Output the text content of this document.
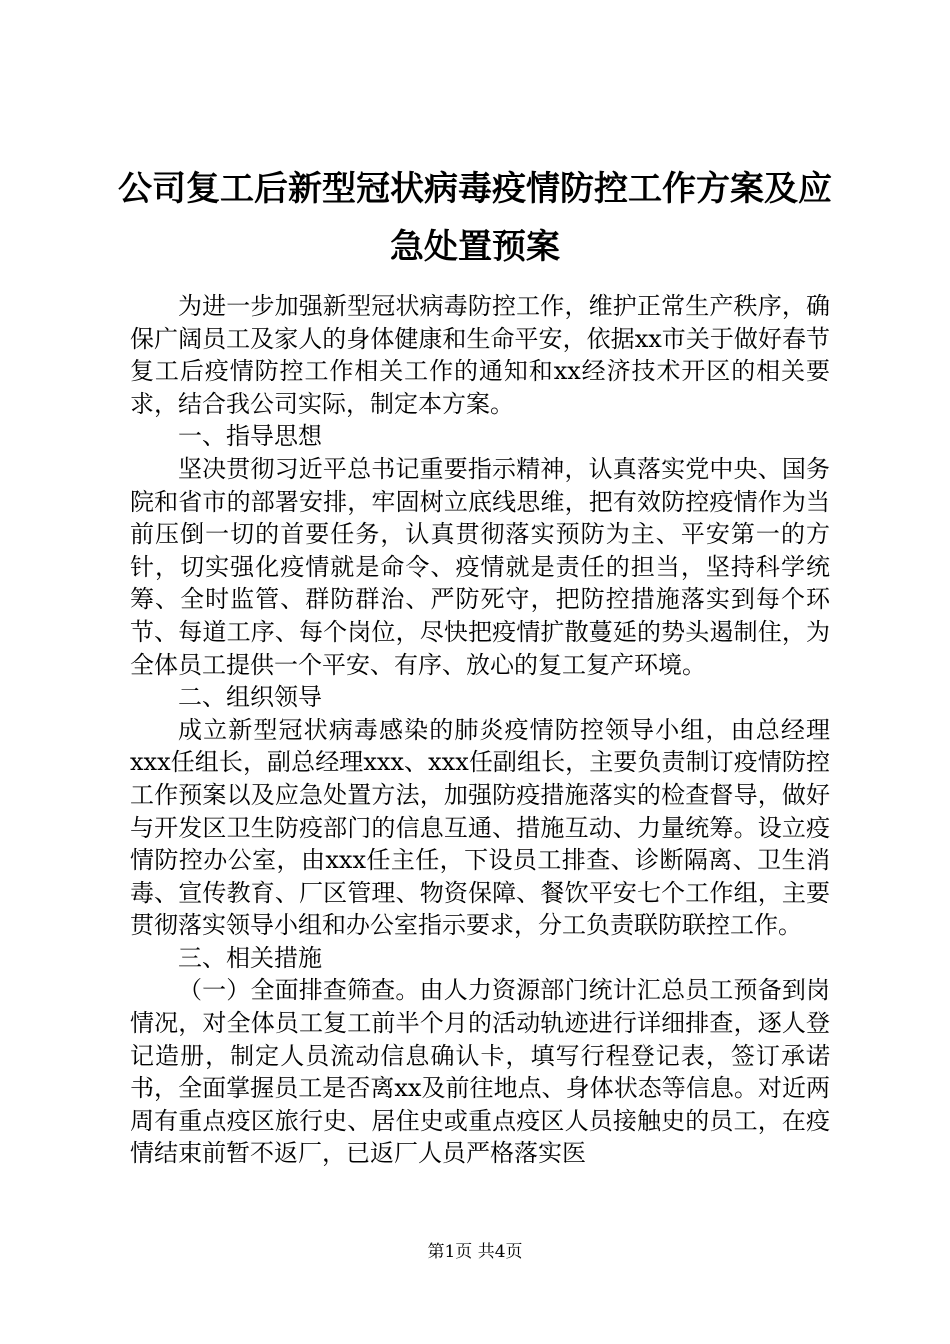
公司复工后新型冠状病毒疫情防控工作方案及应急处置预案

为进一步加强新型冠状病毒防控工作，维护正常生产秩序，确保广阔员工及家人的身体健康和生命平安，依据xx市关于做好春节复工后疫情防控工作相关工作的通知和xx经济技术开区的相关要求，结合我公司实际，制定本方案。

一、指导思想

坚决贯彻习近平总书记重要指示精神，认真落实党中央、国务院和省市的部署安排，牢固树立底线思维，把有效防控疫情作为当前压倒一切的首要任务，认真贯彻落实预防为主、平安第一的方针，切实强化疫情就是命令、疫情就是责任的担当，坚持科学统筹、全时监管、群防群治、严防死守，把防控措施落实到每个环节、每道工序、每个岗位，尽快把疫情扩散蔓延的势头遏制住，为全体员工提供一个平安、有序、放心的复工复产环境。

二、组织领导

成立新型冠状病毒感染的肺炎疫情防控领导小组，由总经理xxx任组长，副总经理xxx、xxx任副组长，主要负责制订疫情防控工作预案以及应急处置方法，加强防疫措施落实的检查督导，做好与开发区卫生防疫部门的信息互通、措施互动、力量统筹。设立疫情防控办公室，由xxx任主任，下设员工排查、诊断隔离、卫生消毒、宣传教育、厂区管理、物资保障、餐饮平安七个工作组，主要贯彻落实领导小组和办公室指示要求，分工负责联防联控工作。

三、相关措施

（一）全面排查筛查。由人力资源部门统计汇总员工预备到岗情况，对全体员工复工前半个月的活动轨迹进行详细排查，逐人登记造册，制定人员流动信息确认卡，填写行程登记表，签订承诺书，全面掌握员工是否离xx及前往地点、身体状态等信息。对近两周有重点疫区旅行史、居住史或重点疫区人员接触史的员工，在疫情结束前暂不返厂，已返厂人员严格落实医

第1页 共4页
